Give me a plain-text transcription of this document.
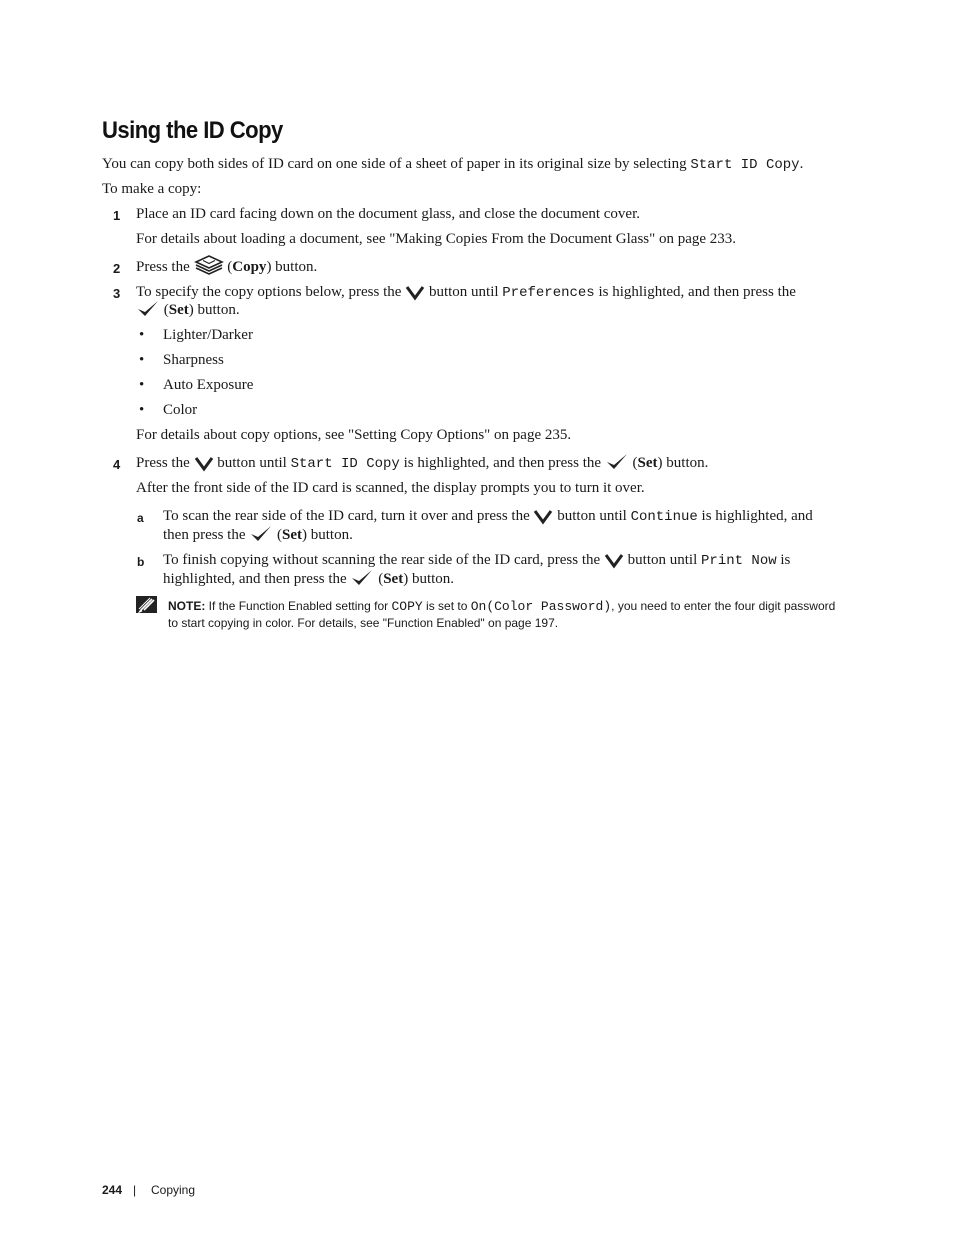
Using the ID Copy
You can copy both sides of ID card on one side of a sheet of paper in its original size by selecting Start ID Copy.
To make a copy:
1 Place an ID card facing down on the document glass, and close the document cover.
For details about loading a document, see "Making Copies From the Document Glass" on page 233.
2 Press the
(Copy) button.
3 To specify the copy options below, press the
button until Preferences is highlighted, and then press the
(Set) button.
• Lighter/Darker
• Sharpness
• Auto Exposure
• Color
For details about copy options, see "Setting Copy Options" on page 235.
4 Press the
button until Start ID Copy is highlighted, and then press the
(Set) button.
After the front side of the ID card is scanned, the display prompts you to turn it over.
a To scan the rear side of the ID card, turn it over and press the
button until Continue is highlighted, and
then press the
(Set) button.
b To finish copying without scanning the rear side of the ID card, press the
button until Print Now is
highlighted, and then press the
(Set) button.
NOTE: If the Function Enabled setting for COPY is set to On(Color Password), you need to enter the four digit password to start copying in color. For details, see "Function Enabled" on page 197.
244 | Copying
